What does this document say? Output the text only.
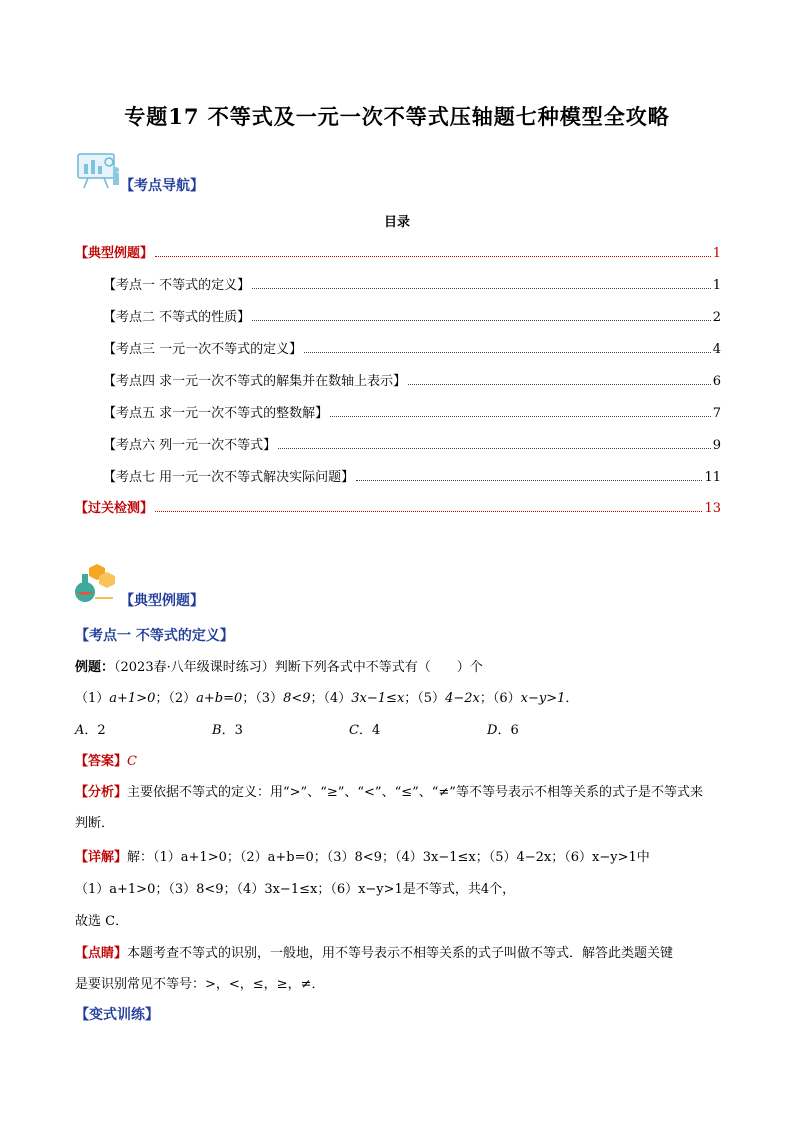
专题17 不等式及一元一次不等式压轴题七种模型全攻略
【考点导航】
目录
【典型例题】	1
【考点一 不等式的定义】	1
【考点二 不等式的性质】	2
【考点三 一元一次不等式的定义】	4
【考点四 求一元一次不等式的解集并在数轴上表示】	6
【考点五 求一元一次不等式的整数解】	7
【考点六 列一元一次不等式】	9
【考点七 用一元一次不等式解决实际问题】	11
【过关检测】	13
【典型例题】
【考点一 不等式的定义】
例题：（2023春·八年级课时练习）判断下列各式中不等式有（　　）个
（1）a+1>0；（2）a+b=0；（3）8<9；（4）3x−1≤x；（5）4−2x；（6）x−y>1．
A．2	B．3	C．4	D．6
【答案】C
【分析】主要依据不等式的定义：用“>”、“≥”、“<”、“≤”、“≠”等不等号表示不相等关系的式子是不等式来
判断．
【详解】解：（1）a+1>0；（2）a+b=0；（3）8<9；（4）3x−1≤x；（5）4−2x；（6）x−y>1中
（1）a+1>0；（3）8<9；（4）3x−1≤x；（6）x−y>1是不等式，共4个，
故选 C．
【点睛】本题考查不等式的识别，一般地，用不等号表示不相等关系的式子叫做不等式．解答此类题关键
是要识别常见不等号：>，<，≤，≥，≠．
【变式训练】
